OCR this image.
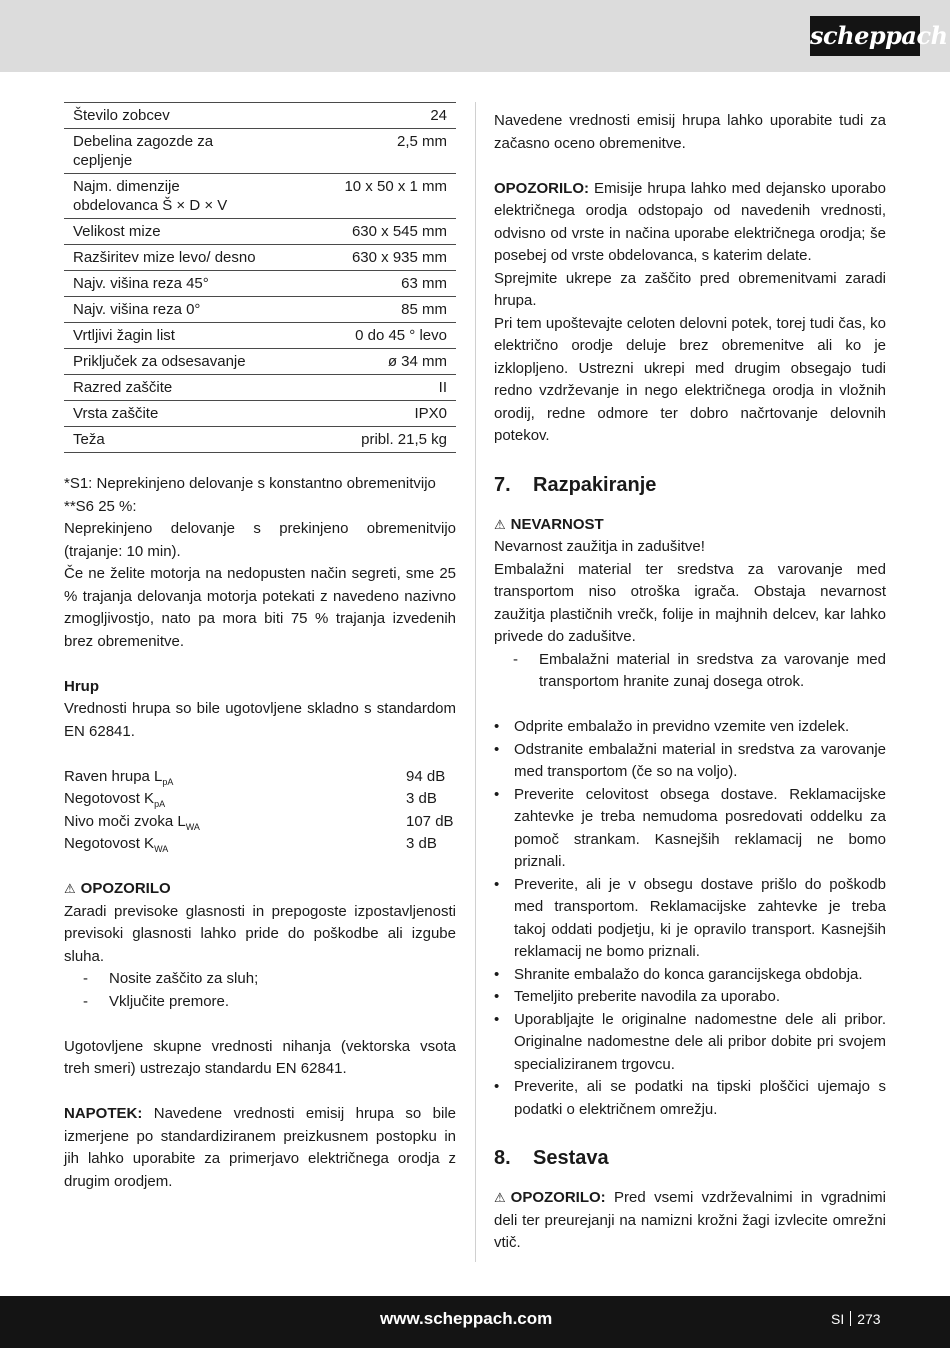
scheppach
Število zobcev	24
Debelina zagozde za cepljenje	2,5 mm
Najm. dimenzije obdelovanca Š × D × V	10 x 50 x 1 mm
Velikost mize	630 x 545 mm
Razširitev mize levo/ desno	630 x 935 mm
Najv. višina reza 45°	63 mm
Najv. višina reza 0°	85 mm
Vrtljivi žagin list	0 do 45 ° levo
Priključek za odsesavanje	ø 34 mm
Razred zaščite	II
Vrsta zaščite	IPX0
Teža	pribl. 21,5 kg

*S1: Neprekinjeno delovanje s konstantno obremenitvijo

**S6 25 %:

Neprekinjeno delovanje s prekinjeno obremenitvijo (trajanje: 10 min).

Če ne želite motorja na nedopusten način segreti, sme 25 % trajanja delovanja motorja potekati z navedeno nazivno zmogljivostjo, nato pa mora biti 75 % trajanja izvedenih brez obremenitve.

Hrup

Vrednosti hrupa so bile ugotovljene skladno s standardom EN 62841.

Raven hrupa $L_{pA}$	94 dB
Negotovost $K_{pA}$	3 dB
Nivo moči zvoka $L_{WA}$	107 dB
Negotovost $K_{WA}$	3 dB

⚠ OPOZORILO

Zaradi previsoke glasnosti in prepogoste izpostavljenosti previsoki glasnosti lahko pride do poškodbe ali izgube sluha.

- Nosite zaščito za sluh;
- Vključite premore.

Ugotovljene skupne vrednosti nihanja (vektorska vsota treh smeri) ustrezajo standardu EN 62841.

NAPOTEK: Navedene vrednosti emisij hrupa so bile izmerjene po standardiziranem preizkusnem postopku in jih lahko uporabite za primerjavo električnega orodja z drugim orodjem.

Navedene vrednosti emisij hrupa lahko uporabite tudi za začasno oceno obremenitve.

OPOZORILO: Emisije hrupa lahko med dejansko uporabo električnega orodja odstopajo od navedenih vrednosti, odvisno od vrste in načina uporabe električnega orodja; še posebej od vrste obdelovanca, s katerim delate.

Sprejmite ukrepe za zaščito pred obremenitvami zaradi hrupa.

Pri tem upoštevajte celoten delovni potek, torej tudi čas, ko električno orodje deluje brez obremenitve ali ko je izklopljeno. Ustrezni ukrepi med drugim obsegajo tudi redno vzdrževanje in nego električnega orodja in vložnih orodij, redne odmore ter dobro načrtovanje delovnih potekov.

7. Razpakiranje

⚠ NEVARNOST

Nevarnost zaužitja in zadušitve!

Embalažni material ter sredstva za varovanje med transportom niso otroška igrača. Obstaja nevarnost zaužitja plastičnih vrečk, folije in majhnih delcev, kar lahko privede do zadušitve.

- Embalažni material in sredstva za varovanje med transportom hranite zunaj dosega otrok.
• Odprite embalažo in previdno vzemite ven izdelek.
• Odstranite embalažni material in sredstva za varovanje med transportom (če so na voljo).
• Preverite celovitost obsega dostave. Reklamacijske zahtevke je treba nemudoma posredovati oddelku za pomoč strankam. Kasnejših reklamacij ne bomo priznali.
• Preverite, ali je v obsegu dostave prišlo do poškodb med transportom. Reklamacijske zahtevke je treba takoj oddati podjetju, ki je opravilo transport. Kasnejših reklamacij ne bomo priznali.
• Shranite embalažo do konca garancijskega obdobja.
• Temeljito preberite navodila za uporabo.
• Uporabljajte le originalne nadomestne dele ali pribor. Originalne nadomestne dele ali pribor dobite pri svojem specializiranem trgovcu.
• Preverite, ali se podatki na tipski ploščici ujemajo s podatki o električnem omrežju.
8. Sestava

⚠ OPOZORILO: Pred vsemi vzdrževalnimi in vgradnimi deli ter preurejanji na namizni krožni žagi izvlecite omrežni vtič.

www.scheppach.com	SI 273
